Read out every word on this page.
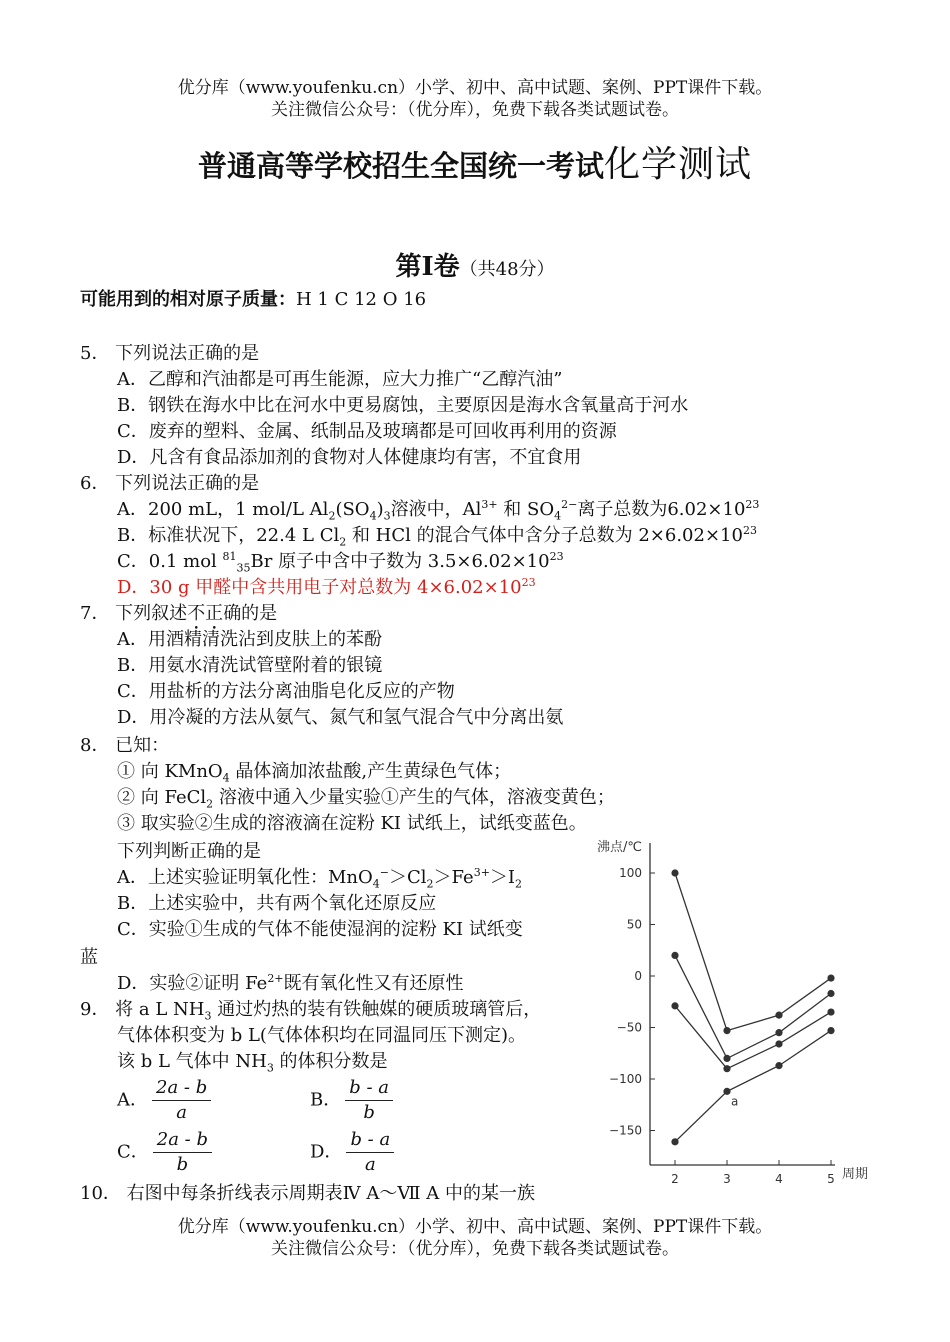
优分库（www.youfenku.cn）小学、初中、高中试题、案例、PPT课件下载。
关注微信公众号：（优分库），免费下载各类试题试卷。
普通高等学校招生全国统一考试化学测试
第Ⅰ卷（共48分）
可能用到的相对原子质量：H 1 C 12 O 16
5． 下列说法正确的是
A．乙醇和汽油都是可再生能源，应大力推广“乙醇汽油”
B．钢铁在海水中比在河水中更易腐蚀，主要原因是海水含氧量高于河水
C．废弃的塑料、金属、纸制品及玻璃都是可回收再利用的资源
D．凡含有食品添加剂的食物对人体健康均有害，不宜食用
6． 下列说法正确的是
A．200 mL，1 mol/L $Al_2(SO_4)_3$溶液中，$Al^{3+}$ 和 $SO_4^{2-}$离子总数为$6.02\times 10^{23}$
B．标准状况下，22.4 L $Cl_2$ 和 HCl 的混合气体中含分子总数为 $2\times 6.02\times 10^{23}$
C．0.1 mol $^{81}_{35}$Br 原子中含中子数为 $3.5\times 6.02\times 10^{23}$
D．30 g 甲醛中含共用电子对总数为 $4\times 6.02\times 10^{23}$
7． 下列叙述不正确的是
A．用酒精清洗沾到皮肤上的苯酚
B．用氨水清洗试管壁附着的银镜
C．用盐析的方法分离油脂皂化反应的产物
D．用冷凝的方法从氨气、氮气和氢气混合气中分离出氨
8． 已知：
① 向 KMnO$_4$ 晶体滴加浓盐酸,产生黄绿色气体；
② 向 FeCl$_2$ 溶液中通入少量实验①产生的气体，溶液变黄色；
③ 取实验②生成的溶液滴在淀粉 KI 试纸上，试纸变蓝色。
下列判断正确的是
A．上述实验证明氧化性：$MnO_4^->Cl_2>Fe^{3+}>I_2$
B．上述实验中，共有两个氧化还原反应
C．实验①生成的气体不能使湿润的淀粉 KI 试纸变
蓝
D．实验②证明 $Fe^{2+}$既有氧化性又有还原性
9． 将 a L $NH_3$ 通过灼热的装有铁触媒的硬质玻璃管后，
气体体积变为 b L(气体体积均在同温同压下测定)。
该 b L 气体中 $NH_3$ 的体积分数是
A． $\frac{2a - b}{a}$	B． $\frac{b - a}{b}$
C． $\frac{2a - b}{b}$	D． $\frac{b - a}{a}$
10． 右图中每条折线表示周期表Ⅳ A～Ⅶ A 中的某一族
沸点/℃
100
50
0
−50
−100
−150
2	3	4	5 周期
a
优分库（www.youfenku.cn）小学、初中、高中试题、案例、PPT课件下载。
关注微信公众号：（优分库），免费下载各类试题试卷。
